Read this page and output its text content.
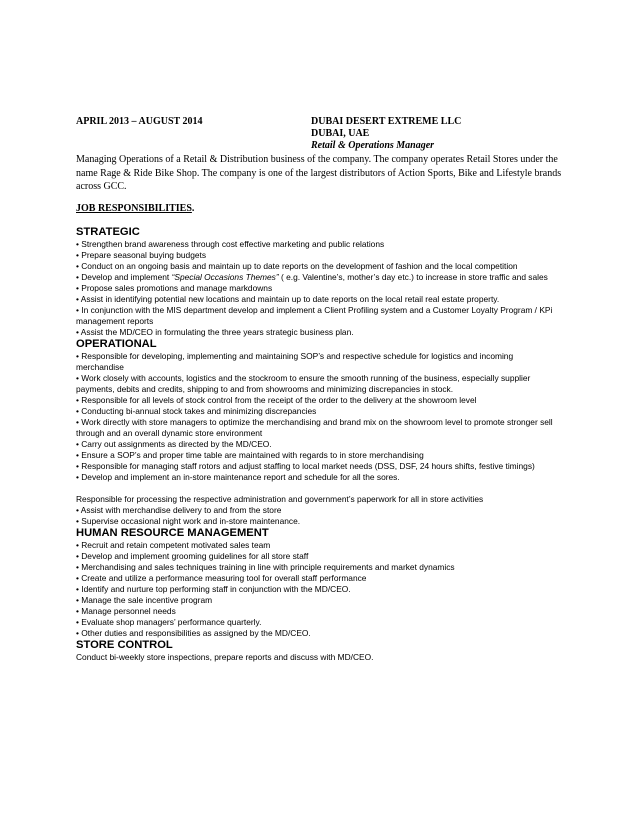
APRIL 2013 – AUGUST 2014	DUBAI DESERT EXTREME LLC
DUBAI, UAE
Retail & Operations Manager
Managing Operations of a Retail & Distribution business of the company. The company operates Retail Stores under the name Rage & Ride Bike Shop. The company is one of the largest distributors of Action Sports, Bike and Lifestyle brands across GCC.
JOB RESPONSIBILITIES.
STRATEGIC
• Strengthen brand awareness through cost effective marketing and public relations
• Prepare seasonal buying budgets
• Conduct on an ongoing basis and maintain up to date reports on the development of fashion and the local competition
• Develop and implement “Special Occasions Themes” ( e.g. Valentine’s, mother’s day etc.) to increase in store traffic and sales
• Propose sales promotions and manage markdowns
• Assist in identifying potential new locations and maintain up to date reports on the local retail real estate property.
• In conjunction with the MIS department develop and implement a Client Profiling system and a Customer Loyalty Program / KPi management reports
• Assist the MD/CEO in formulating the three years strategic business plan.
OPERATIONAL
• Responsible for developing, implementing and maintaining SOP’s and respective schedule for logistics and incoming merchandise
• Work closely with accounts, logistics and the stockroom to ensure the smooth running of the business, especially supplier payments, debits and credits, shipping to and from showrooms and minimizing discrepancies in stock.
• Responsible for all levels of stock control from the receipt of the order to the delivery at the showroom level
• Conducting bi-annual stock takes and minimizing discrepancies
• Work directly with store managers to optimize the merchandising and brand mix on the showroom level to promote stronger sell through and an overall dynamic store environment
• Carry out assignments as directed by the MD/CEO.
• Ensure a SOP’s and proper time table are maintained with regards to in store merchandising
• Responsible for managing staff rotors and adjust staffing to local market needs (DSS, DSF, 24 hours shifts, festive timings)
• Develop and implement an in-store maintenance report and schedule for all the sores.
Responsible for processing the respective administration and government’s paperwork for all in store activities
• Assist with merchandise delivery to and from the store
• Supervise occasional night work and in-store maintenance.
HUMAN RESOURCE MANAGEMENT
• Recruit and retain competent motivated sales team
• Develop and implement grooming guidelines for all store staff
• Merchandising and sales techniques training in line with principle requirements and market dynamics
• Create and utilize a performance measuring tool for overall staff performance
• Identify and nurture top performing staff in conjunction with the MD/CEO.
• Manage the sale incentive program
• Manage personnel needs
• Evaluate shop managers’ performance quarterly.
• Other duties and responsibilities as assigned by the MD/CEO.
STORE CONTROL
Conduct bi-weekly store inspections, prepare reports and discuss with MD/CEO.
